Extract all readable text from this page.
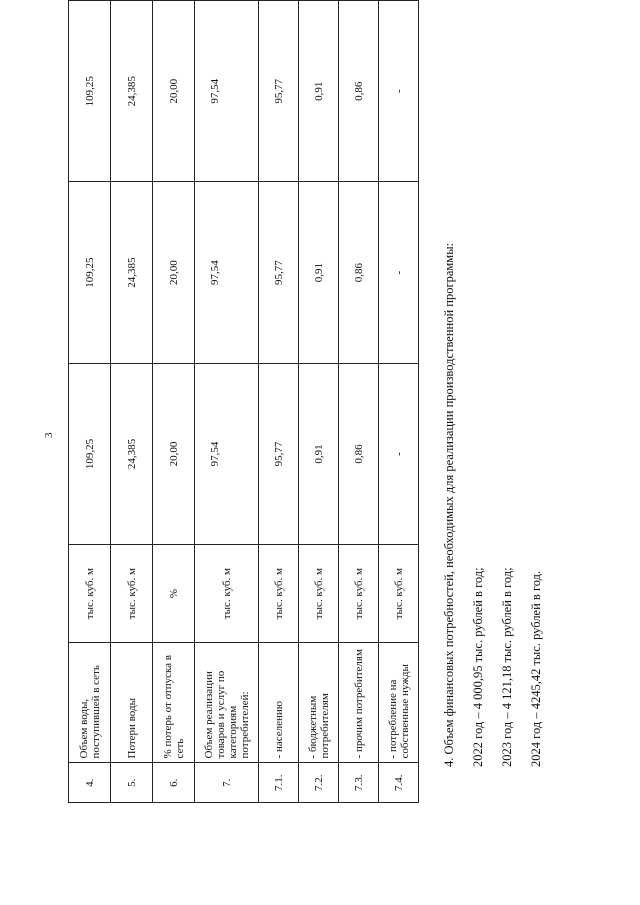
3
4.	Объем воды, поступившей в сеть	тыс. куб. м	109,25	109,25	109,25
5.	Потери воды	тыс. куб. м	24,385	24,385	24,385
6.	% потерь от отпуска в сеть	%	20,00	20,00	20,00
7.	Объем реализации товаров и услуг по категориям потребителей:	тыс. куб. м	97,54	97,54	97,54
7.1.	- населению	тыс. куб. м	95,77	95,77	95,77
7.2.	- бюджетным потребителям	тыс. куб. м	0,91	0,91	0,91
7.3.	- прочим потребителям	тыс. куб. м	0,86	0,86	0,86
7.4.	- потребление на собственные нужды	тыс. куб. м	-	-	-

4. Объем финансовых потребностей, необходимых для реализации производственной программы:	2022 год – 4 000,95 тыс. рублей в год;	2023 год – 4 121,18 тыс. рублей в год;	2024 год – 4245,42 тыс. рублей в год.
